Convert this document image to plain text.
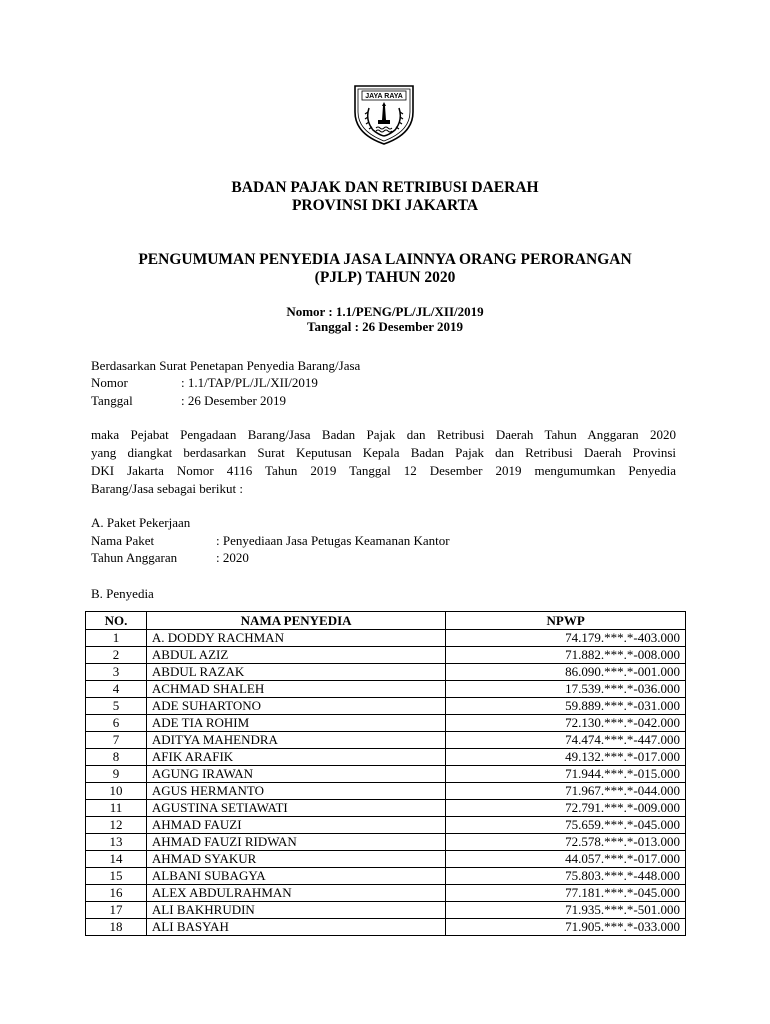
JAYA RAYA
BADAN PAJAK DAN RETRIBUSI DAERAH
PROVINSI DKI JAKARTA
PENGUMUMAN PENYEDIA JASA LAINNYA ORANG PERORANGAN
(PJLP) TAHUN 2020
Nomor : 1.1/PENG/PL/JL/XII/2019
Tanggal : 26 Desember 2019
Berdasarkan Surat Penetapan Penyedia Barang/Jasa
Nomor	: 1.1/TAP/PL/JL/XII/2019
Tanggal	: 26 Desember 2019
maka Pejabat Pengadaan Barang/Jasa Badan Pajak dan Retribusi Daerah Tahun Anggaran 2020
yang diangkat berdasarkan Surat Keputusan Kepala Badan Pajak dan Retribusi Daerah Provinsi
DKI Jakarta Nomor 4116 Tahun 2019 Tanggal 12 Desember 2019 mengumumkan Penyedia
Barang/Jasa sebagai berikut :
A. Paket Pekerjaan
Nama Paket	: Penyediaan Jasa Petugas Keamanan Kantor
Tahun Anggaran	: 2020
B. Penyedia
NO.	NAMA PENYEDIA	NPWP
1	A. DODDY RACHMAN	74.179.***.*-403.000
2	ABDUL AZIZ	71.882.***.*-008.000
3	ABDUL RAZAK	86.090.***.*-001.000
4	ACHMAD SHALEH	17.539.***.*-036.000
5	ADE SUHARTONO	59.889.***.*-031.000
6	ADE TIA ROHIM	72.130.***.*-042.000
7	ADITYA MAHENDRA	74.474.***.*-447.000
8	AFIK ARAFIK	49.132.***.*-017.000
9	AGUNG IRAWAN	71.944.***.*-015.000
10	AGUS HERMANTO	71.967.***.*-044.000
11	AGUSTINA SETIAWATI	72.791.***.*-009.000
12	AHMAD FAUZI	75.659.***.*-045.000
13	AHMAD FAUZI RIDWAN	72.578.***.*-013.000
14	AHMAD SYAKUR	44.057.***.*-017.000
15	ALBANI SUBAGYA	75.803.***.*-448.000
16	ALEX ABDULRAHMAN	77.181.***.*-045.000
17	ALI BAKHRUDIN	71.935.***.*-501.000
18	ALI BASYAH	71.905.***.*-033.000
